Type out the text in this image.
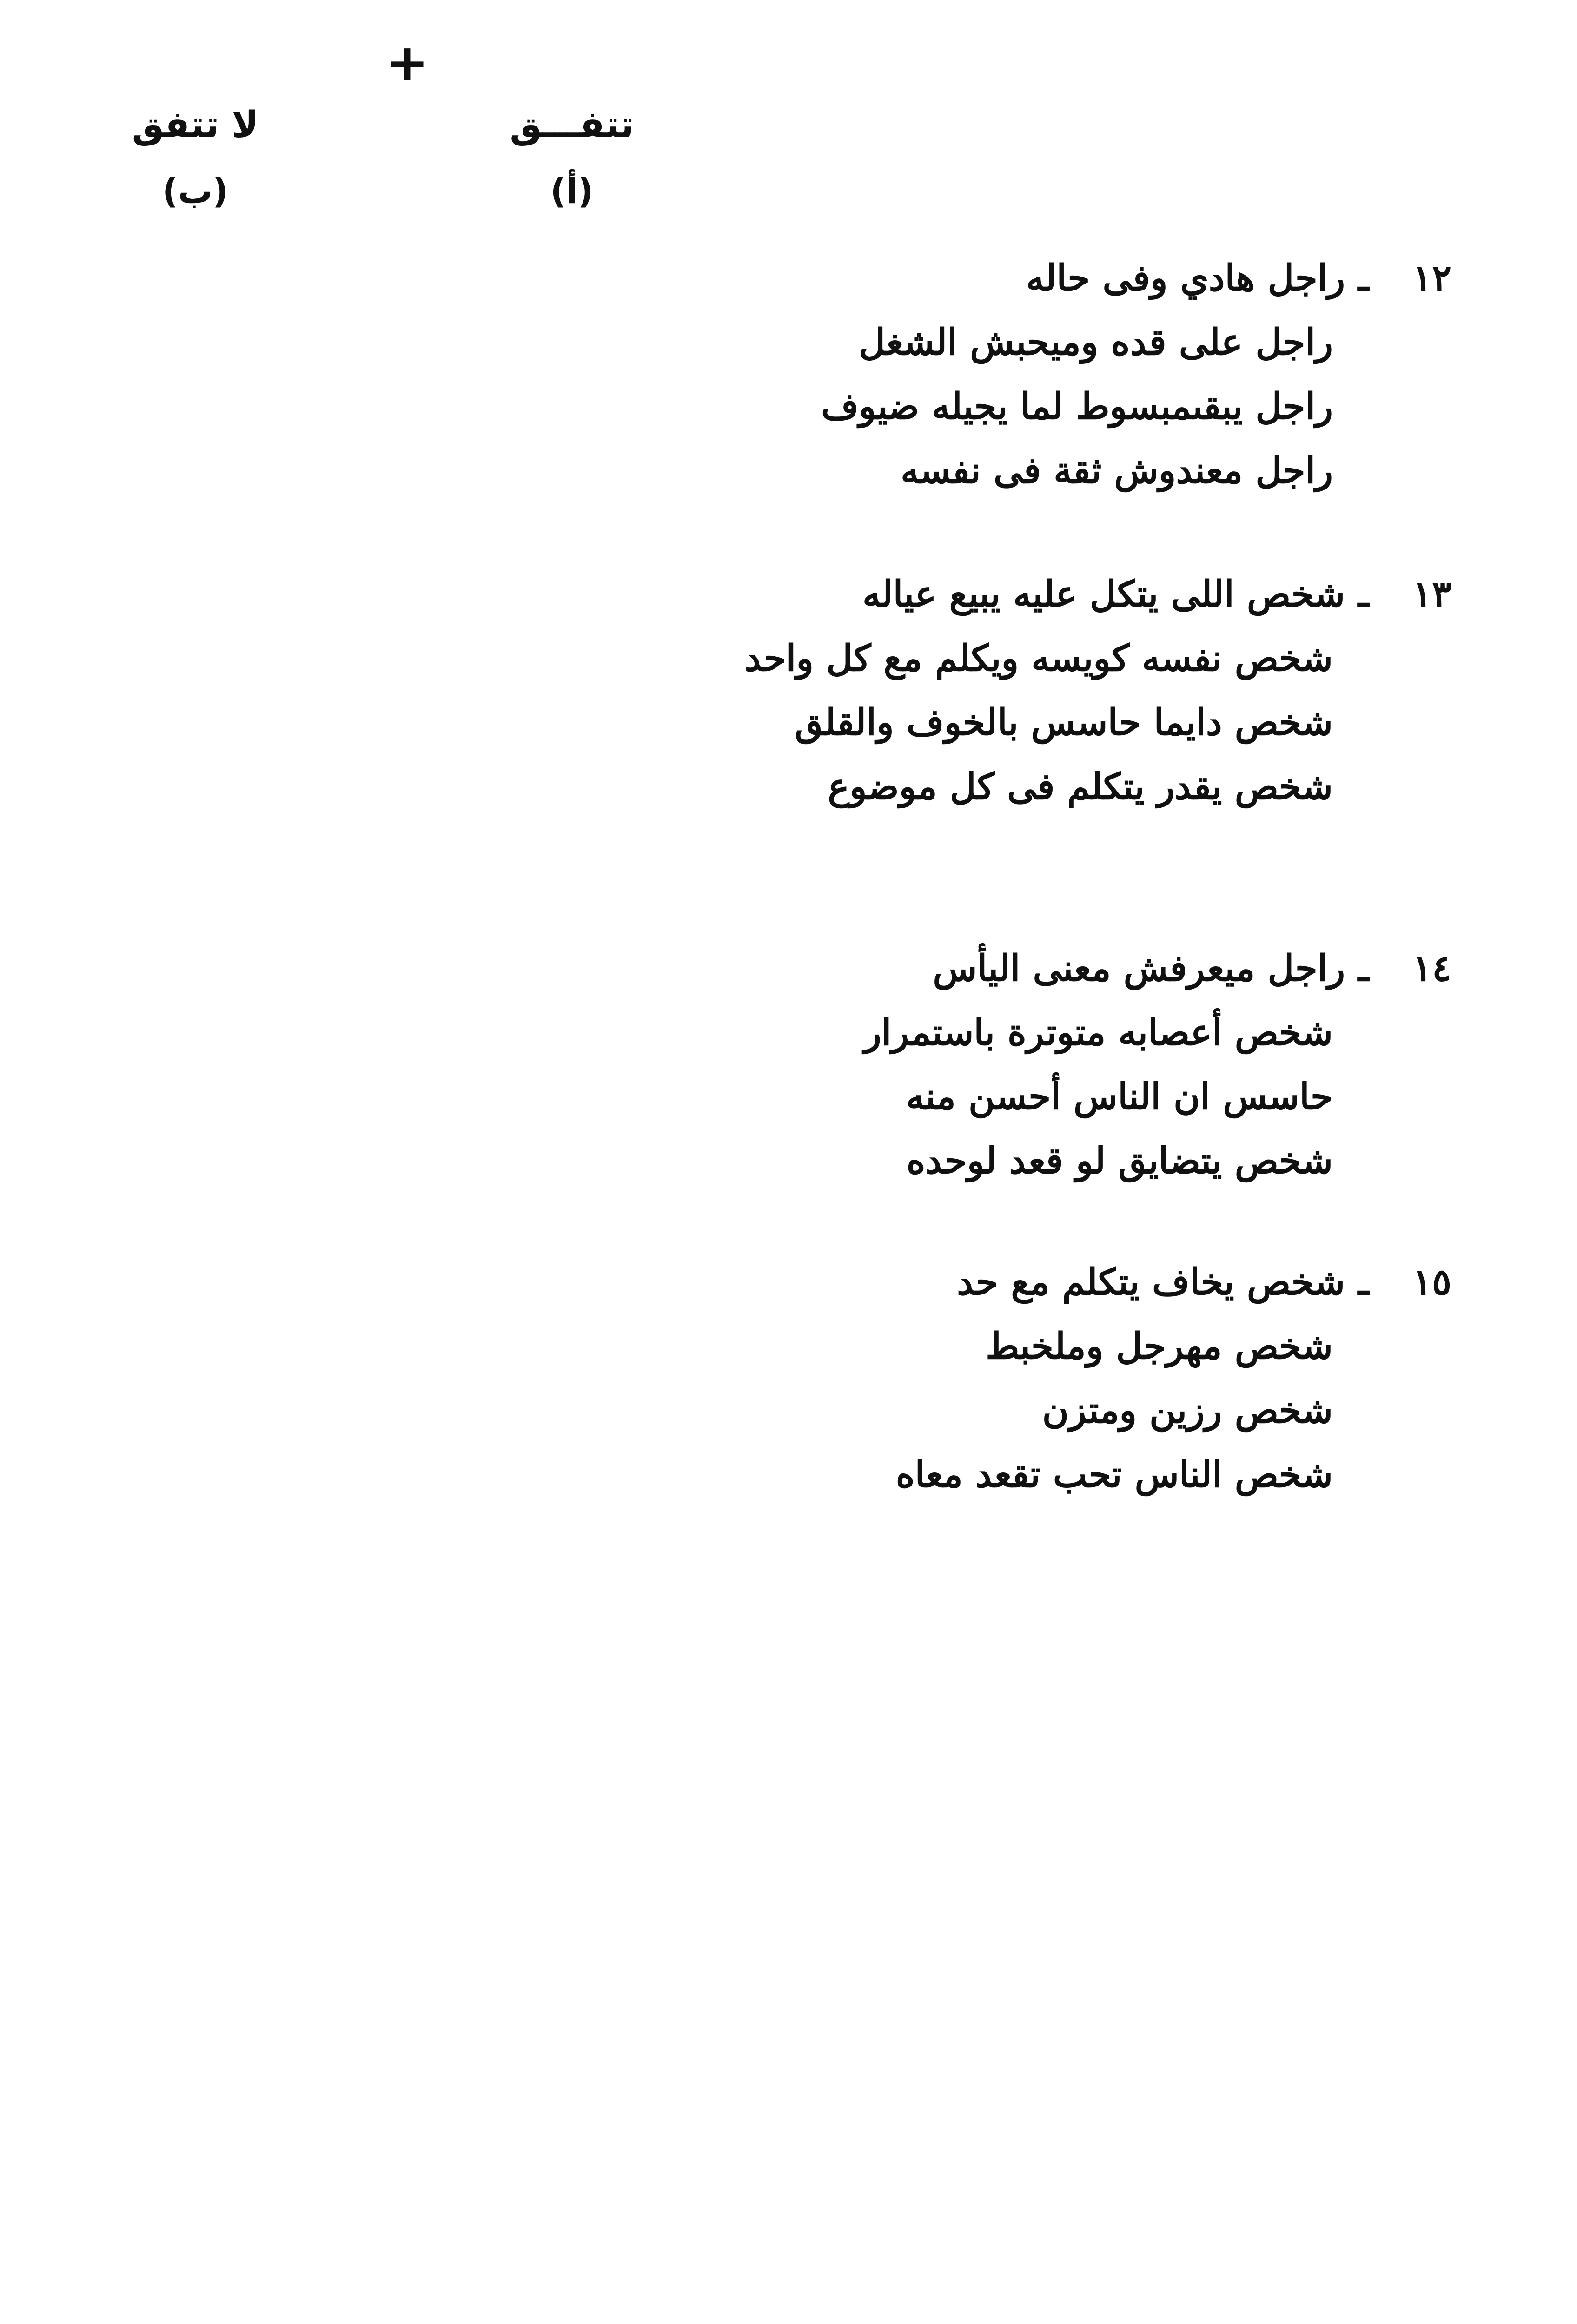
+
تتفـــق
(أ)
لا تتفق
(ب)
١٢
ـ
راجل هادي وفى حاله
راجل على قده وميحبش الشغل
راجل يبقىمبسوط لما يجيله ضيوف
راجل معندوش ثقة فى نفسه
١٣
ـ
شخص اللى يتكل عليه يبيع عياله
شخص نفسه كويسه ويكلم مع كل واحد
شخص دايما حاسس بالخوف والقلق
شخص يقدر يتكلم فى كل موضوع
١٤
ـ
راجل ميعرفش معنى اليأس
شخص أعصابه متوترة باستمرار
حاسس ان الناس أحسن منه
شخص يتضايق لو قعد لوحده
١٥
ـ
شخص يخاف يتكلم مع حد
شخص مهرجل وملخبط
شخص رزين ومتزن
شخص الناس تحب تقعد معاه
